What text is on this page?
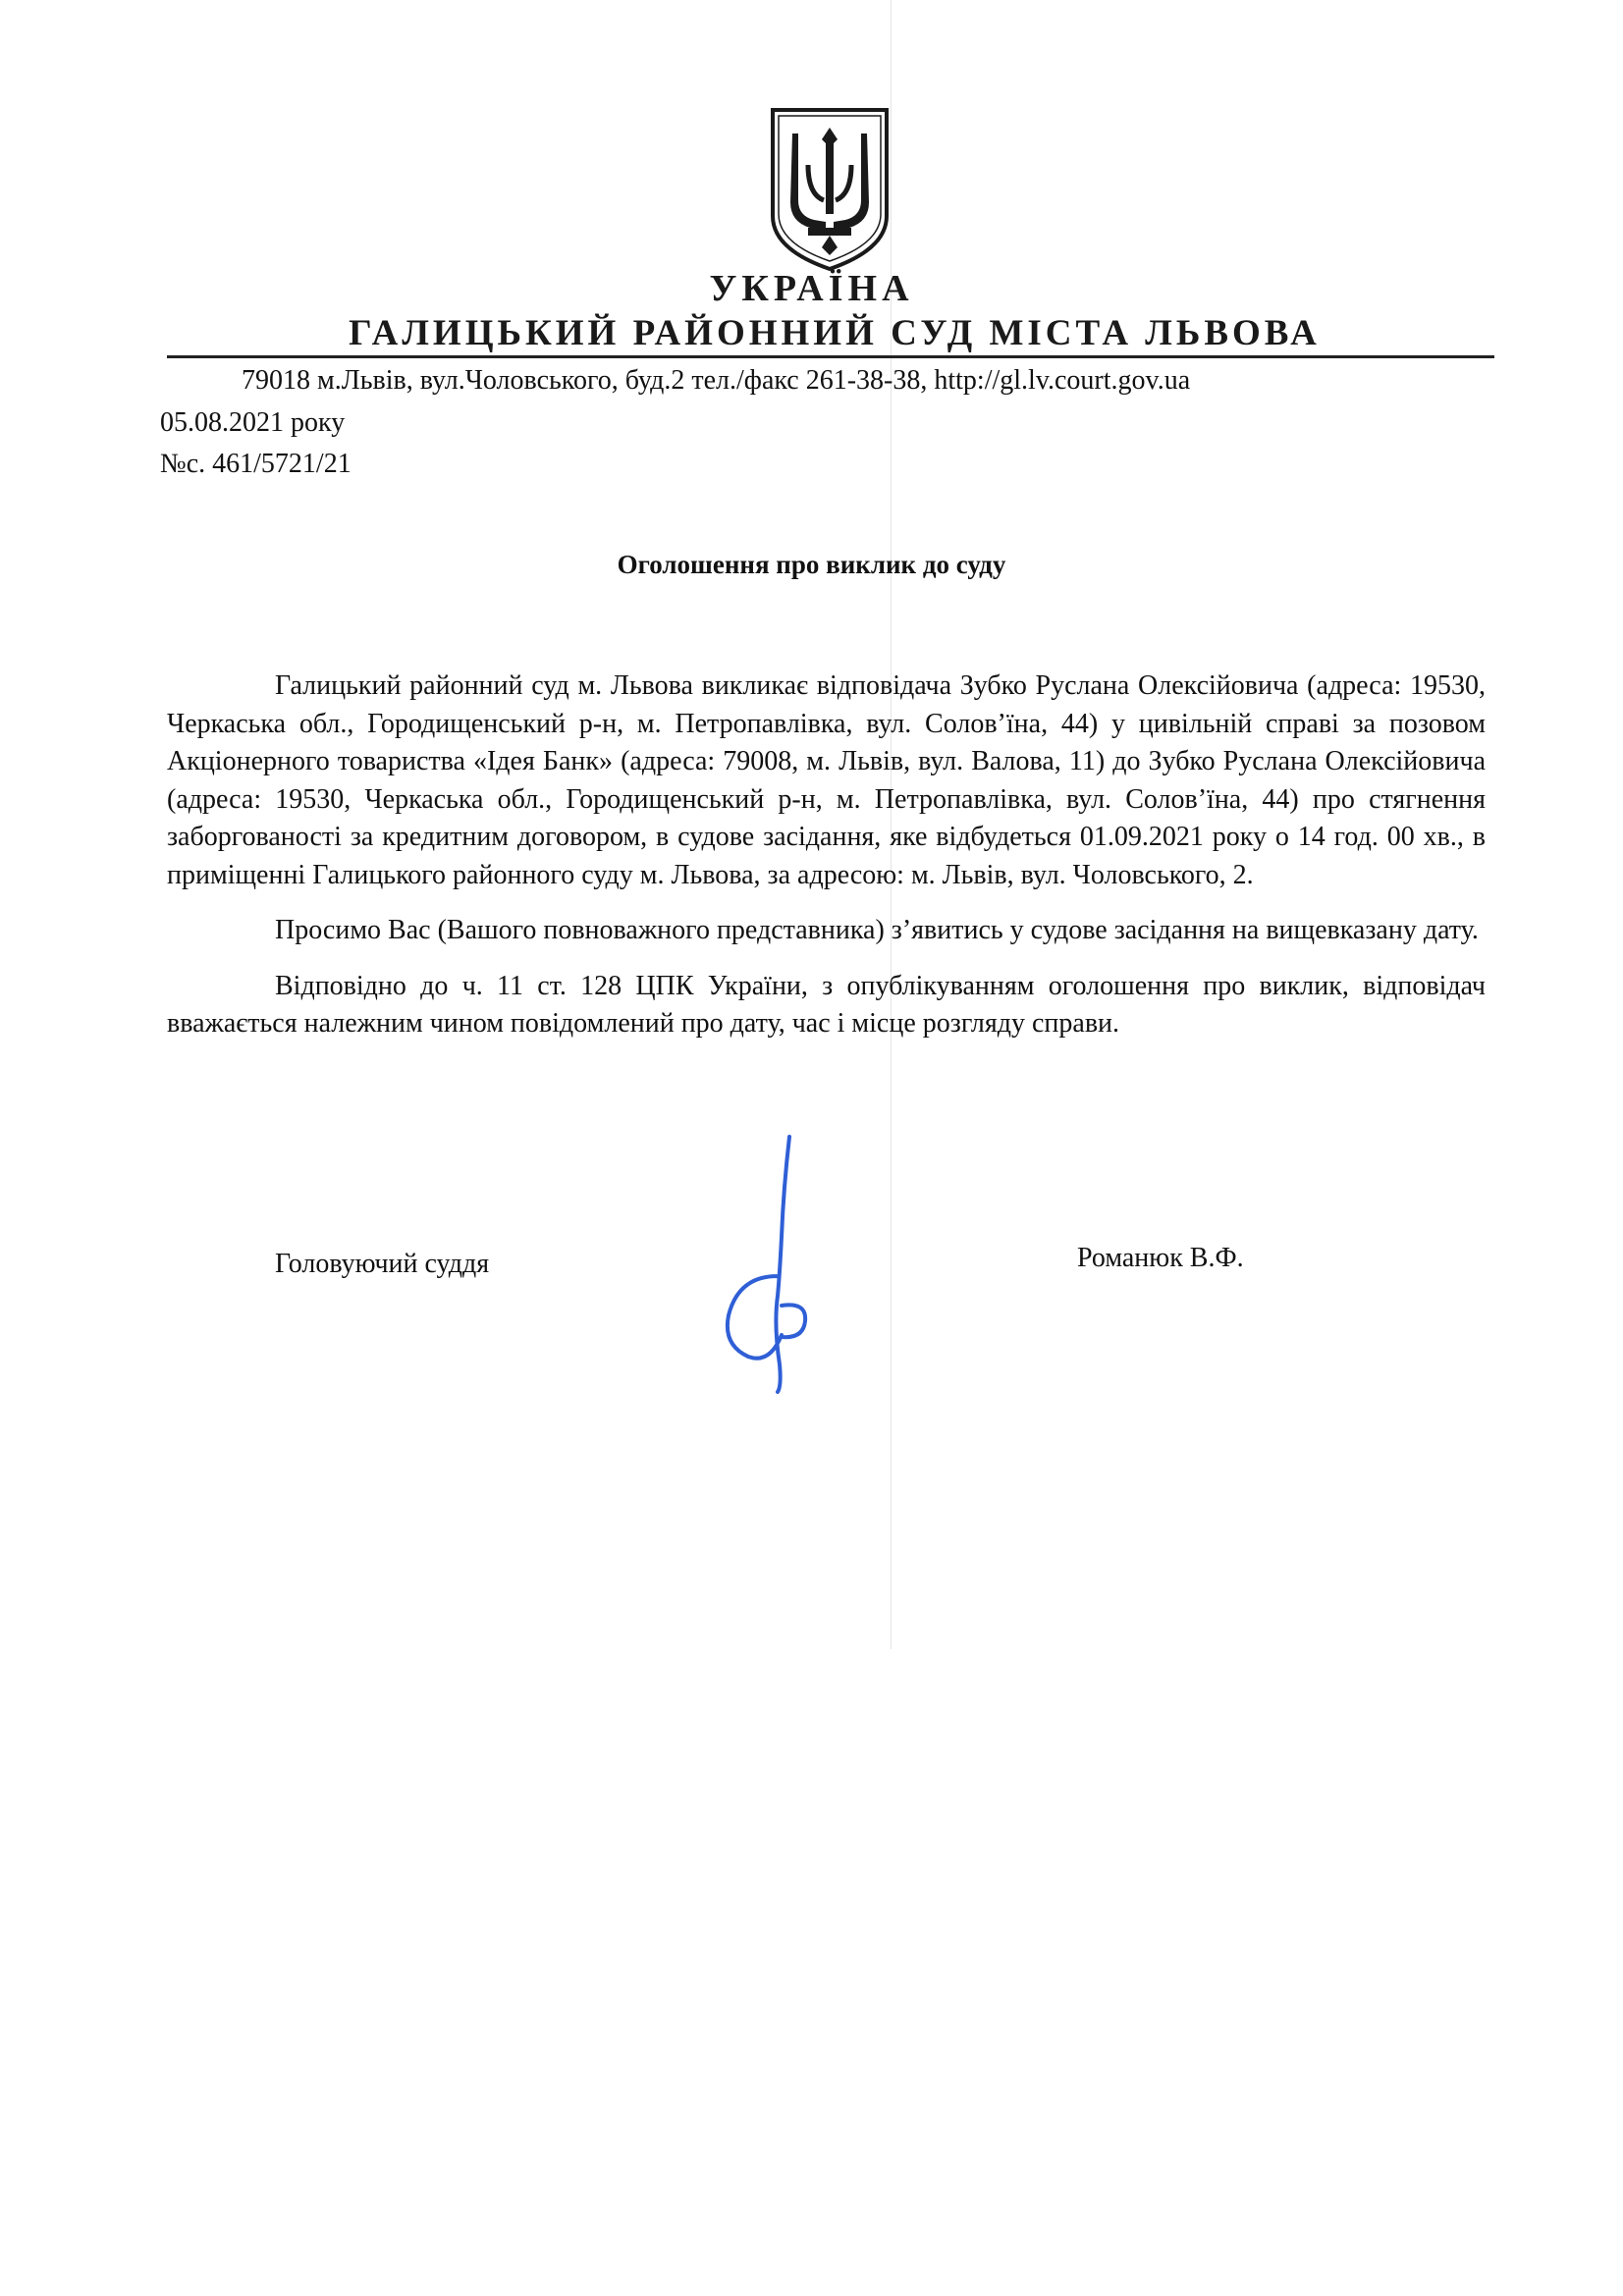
УКРАЇНА
ГАЛИЦЬКИЙ РАЙОННИЙ СУД МІСТА ЛЬВОВА
79018 м.Львів, вул.Чоловського, буд.2 тел./факс 261-38-38, http://gl.lv.court.gov.ua
05.08.2021 року
№с. 461/5721/21
Оголошення про виклик до суду

Галицький районний суд м. Львова викликає відповідача Зубко Руслана Олексійовича (адреса: 19530, Черкаська обл., Городищенський р-н, м. Петропавлівка, вул. Солов’їна, 44) у цивільній справі за позовом Акціонерного товариства «Ідея Банк» (адреса: 79008, м. Львів, вул. Валова, 11) до Зубко Руслана Олексійовича (адреса: 19530, Черкаська обл., Городищенський р-н, м. Петропавлівка, вул. Солов’їна, 44) про стягнення заборгованості за кредитним договором, в судове засідання, яке відбудеться 01.09.2021 року о 14 год. 00 хв., в приміщенні Галицького районного суду м. Львова, за адресою: м. Львів, вул. Чоловського, 2.

Просимо Вас (Вашого повноважного представника) з’явитись у судове засідання на вищевказану дату.

Відповідно до ч. 11 ст. 128 ЦПК України, з опублікуванням оголошення про виклик, відповідач вважається належним чином повідомлений про дату, час і місце розгляду справи.

Головуючий суддя	Романюк В.Ф.
